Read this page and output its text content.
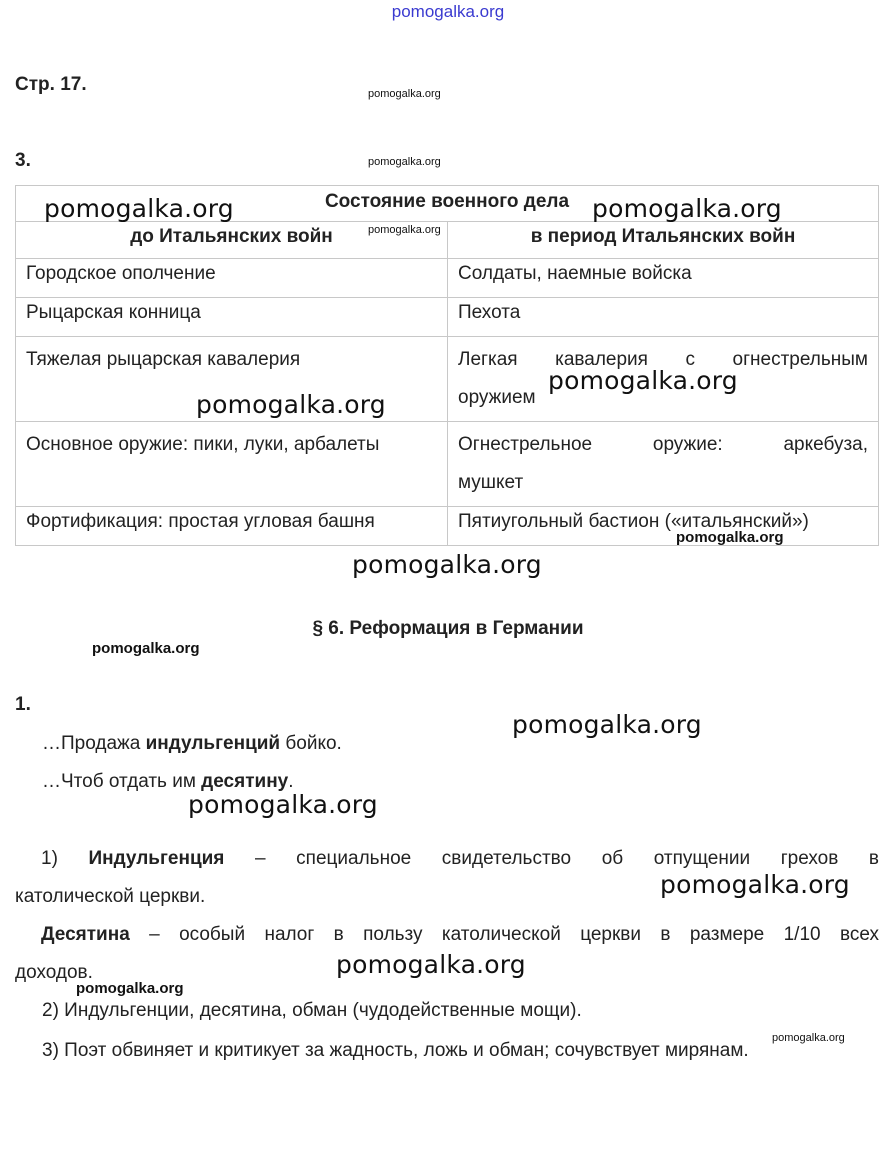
pomogalka.org
Стр. 17.
3.
Состояние военного дела	
до Итальянских войн	в период Итальянских войн
Городское ополчение	Солдаты, наемные войска
Рыцарская конница	Пехота
Тяжелая рыцарская кавалерия	Легкая кавалерия с огнестрельным
оружием

Основное оружие: пики, луки, арбалеты	Огнестрельное оружие: аркебуза,
мушкет

Фортификация: простая угловая башня	Пятиугольный бастион («итальянский»)
§ 6. Реформация в Германии
1.
…Продажа индульгенций бойко.
…Чтоб отдать им десятину.
1) Индульгенция – специальное свидетельство об отпущении грехов в
католической церкви.
Десятина – особый налог в пользу католической церкви в размере 1/10 всех
доходов.
2) Индульгенции, десятина, обман (чудодейственные мощи).
3) Поэт обвиняет и критикует за жадность, ложь и обман; сочувствует мирянам.
pomogalka.org
pomogalka.org
pomogalka.org
pomogalka.org	pomogalka.org
pomogalka.org
pomogalka.org
pomogalka.org
pomogalka.org
pomogalka.org
pomogalka.org
pomogalka.org
pomogalka.org
pomogalka.org
pomogalka.org
pomogalka.org
